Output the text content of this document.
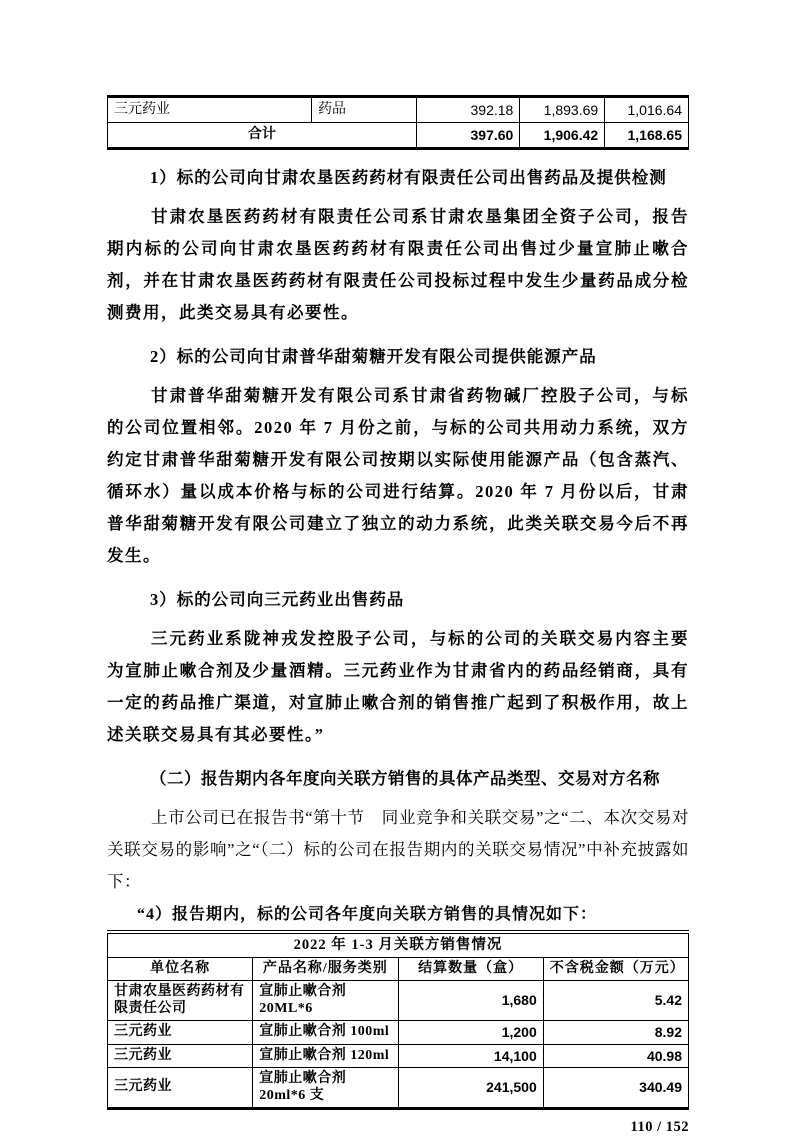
三元药业	药品	392.18	1,893.69	1,016.64
合计		397.60	1,906.42	1,168.65

1）标的公司向甘肃农垦医药药材有限责任公司出售药品及提供检测

甘肃农垦医药药材有限责任公司系甘肃农垦集团全资子公司，报告期内标的公司向甘肃农垦医药药材有限责任公司出售过少量宣肺止嗽合剂，并在甘肃农垦医药药材有限责任公司投标过程中发生少量药品成分检测费用，此类交易具有必要性。

2）标的公司向甘肃普华甜菊糖开发有限公司提供能源产品

甘肃普华甜菊糖开发有限公司系甘肃省药物碱厂控股子公司，与标的公司位置相邻。2020 年 7 月份之前，与标的公司共用动力系统，双方约定甘肃普华甜菊糖开发有限公司按期以实际使用能源产品（包含蒸汽、循环水）量以成本价格与标的公司进行结算。2020 年 7 月份以后，甘肃普华甜菊糖开发有限公司建立了独立的动力系统，此类关联交易今后不再发生。

3）标的公司向三元药业出售药品

三元药业系陇神戎发控股子公司，与标的公司的关联交易内容主要为宣肺止嗽合剂及少量酒精。三元药业作为甘肃省内的药品经销商，具有一定的药品推广渠道，对宣肺止嗽合剂的销售推广起到了积极作用，故上述关联交易具有其必要性。”

（二）报告期内各年度向关联方销售的具体产品类型、交易对方名称

上市公司已在报告书“第十节　同业竞争和关联交易”之“二、本次交易对关联交易的影响”之“（二）标的公司在报告期内的关联交易情况”中补充披露如下：

“4）报告期内，标的公司各年度向关联方销售的具情况如下：

2022 年 1-3 月关联方销售情况			
单位名称	产品名称/服务类别	结算数量（盒）	不含税金额（万元）
甘肃农垦医药药材有限责任公司	宣肺止嗽合剂 20ML*6	1,680	5.42
三元药业	宣肺止嗽合剂 100ml	1,200	8.92
三元药业	宣肺止嗽合剂 120ml	14,100	40.98
三元药业	宣肺止嗽合剂 20ml*6 支	241,500	340.49
110 / 152
